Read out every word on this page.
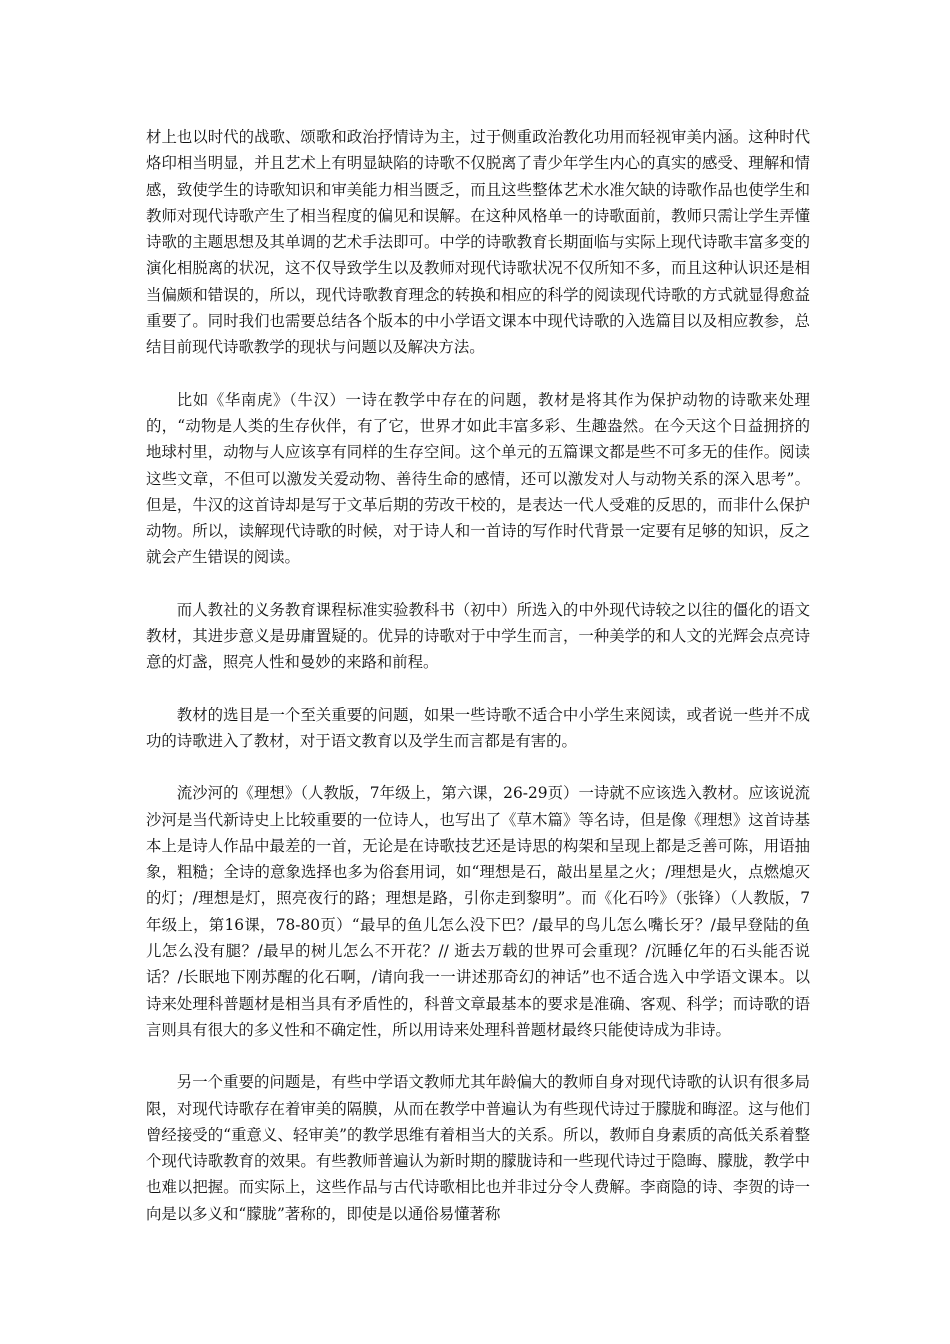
材上也以时代的战歌、颂歌和政治抒情诗为主，过于侧重政治教化功用而轻视审美内涵。这种时代烙印相当明显，并且艺术上有明显缺陷的诗歌不仅脱离了青少年学生内心的真实的感受、理解和情感，致使学生的诗歌知识和审美能力相当匮乏，而且这些整体艺术水准欠缺的诗歌作品也使学生和教师对现代诗歌产生了相当程度的偏见和误解。在这种风格单一的诗歌面前，教师只需让学生弄懂诗歌的主题思想及其单调的艺术手法即可。中学的诗歌教育长期面临与实际上现代诗歌丰富多变的演化相脱离的状况，这不仅导致学生以及教师对现代诗歌状况不仅所知不多，而且这种认识还是相当偏颇和错误的，所以，现代诗歌教育理念的转换和相应的科学的阅读现代诗歌的方式就显得愈益重要了。同时我们也需要总结各个版本的中小学语文课本中现代诗歌的入选篇目以及相应教参，总结目前现代诗歌教学的现状与问题以及解决方法。

比如《华南虎》（牛汉）一诗在教学中存在的问题，教材是将其作为保护动物的诗歌来处理的，“动物是人类的生存伙伴，有了它，世界才如此丰富多彩、生趣盎然。在今天这个日益拥挤的地球村里，动物与人应该享有同样的生存空间。这个单元的五篇课文都是些不可多无的佳作。阅读这些文章，不但可以激发关爱动物、善待生命的感情，还可以激发对人与动物关系的深入思考”。但是，牛汉的这首诗却是写于文革后期的劳改干校的，是表达一代人受难的反思的，而非什么保护动物。所以，读解现代诗歌的时候，对于诗人和一首诗的写作时代背景一定要有足够的知识，反之就会产生错误的阅读。

而人教社的义务教育课程标准实验教科书（初中）所选入的中外现代诗较之以往的僵化的语文教材，其进步意义是毋庸置疑的。优异的诗歌对于中学生而言，一种美学的和人文的光辉会点亮诗意的灯盏，照亮人性和曼妙的来路和前程。

教材的选目是一个至关重要的问题，如果一些诗歌不适合中小学生来阅读，或者说一些并不成功的诗歌进入了教材，对于语文教育以及学生而言都是有害的。

流沙河的《理想》（人教版，7年级上，第六课，26-29页）一诗就不应该选入教材。应该说流沙河是当代新诗史上比较重要的一位诗人，也写出了《草木篇》等名诗，但是像《理想》这首诗基本上是诗人作品中最差的一首，无论是在诗歌技艺还是诗思的构架和呈现上都是乏善可陈，用语抽象，粗糙；全诗的意象选择也多为俗套用词，如“理想是石，敲出星星之火；/理想是火，点燃熄灭的灯；/理想是灯，照亮夜行的路；理想是路，引你走到黎明”。而《化石吟》（张锋）（人教版，7年级上，第16课，78-80页）“最早的鱼儿怎么没下巴？/最早的鸟儿怎么嘴长牙？/最早登陆的鱼儿怎么没有腿？/最早的树儿怎么不开花？// 逝去万载的世界可会重现？/沉睡亿年的石头能否说话？/长眠地下刚苏醒的化石啊，/请向我一一讲述那奇幻的神话”也不适合选入中学语文课本。以诗来处理科普题材是相当具有矛盾性的，科普文章最基本的要求是准确、客观、科学；而诗歌的语言则具有很大的多义性和不确定性，所以用诗来处理科普题材最终只能使诗成为非诗。

另一个重要的问题是，有些中学语文教师尤其年龄偏大的教师自身对现代诗歌的认识有很多局限，对现代诗歌存在着审美的隔膜，从而在教学中普遍认为有些现代诗过于朦胧和晦涩。这与他们曾经接受的“重意义、轻审美”的教学思维有着相当大的关系。所以，教师自身素质的高低关系着整个现代诗歌教育的效果。有些教师普遍认为新时期的朦胧诗和一些现代诗过于隐晦、朦胧，教学中也难以把握。而实际上，这些作品与古代诗歌相比也并非过分令人费解。李商隐的诗、李贺的诗一向是以多义和“朦胧”著称的，即使是以通俗易懂著称
